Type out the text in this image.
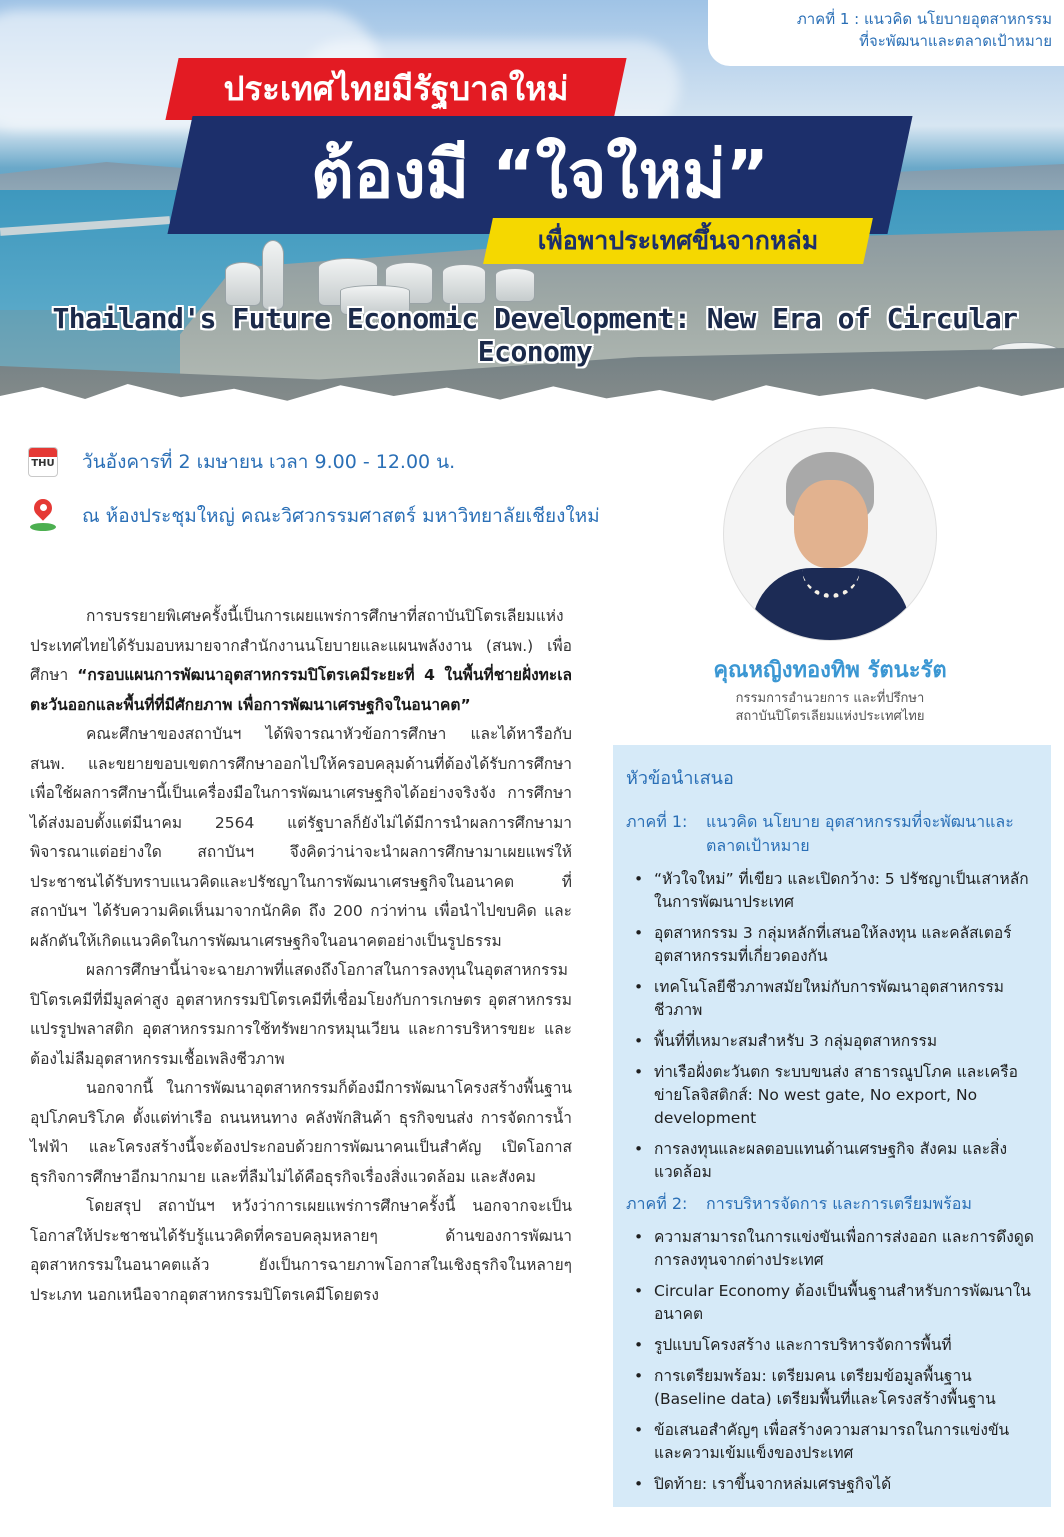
ประเทศไทยมีรัฐบาลใหม่
ต้องมี “ใจใหม่”
เพื่อพาประเทศขึ้นจากหล่ม
Thailand's Future Economic Development: New Era of Circular Economy
ภาคที่ 1 : แนวคิด นโยบายอุตสาหกรรม
ที่จะพัฒนาและตลาดเป้าหมาย
THU วันอังคารที่ 2 เมษายน เวลา 9.00 - 12.00 น.
ณ ห้องประชุมใหญ่ คณะวิศวกรรมศาสตร์ มหาวิทยาลัยเชียงใหม่
คุณหญิงทองทิพ รัตนะรัต
กรรมการอำนวยการ และที่ปรึกษา
สถาบันปิโตรเลียมแห่งประเทศไทย

การบรรยายพิเศษครั้งนี้เป็นการเผยแพร่การศึกษาที่สถาบันปิโตรเลียมแห่งประเทศไทยได้รับมอบหมายจากสำนักงานนโยบายและแผนพลังงาน (สนพ.) เพื่อศึกษา “กรอบแผนการพัฒนาอุตสาหกรรมปิโตรเคมีระยะที่ 4 ในพื้นที่ชายฝั่งทะเลตะวันออกและพื้นที่ที่มีศักยภาพ เพื่อการพัฒนาเศรษฐกิจในอนาคต”

คณะศึกษาของสถาบันฯ ได้พิจารณาหัวข้อการศึกษา และได้หารือกับ สนพ. และขยายขอบเขตการศึกษาออกไปให้ครอบคลุมด้านที่ต้องได้รับการศึกษาเพื่อใช้ผลการศึกษานี้เป็นเครื่องมือในการพัฒนาเศรษฐกิจได้อย่างจริงจัง การศึกษาได้ส่งมอบตั้งแต่มีนาคม 2564 แต่รัฐบาลก็ยังไม่ได้มีการนำผลการศึกษามาพิจารณาแต่อย่างใด สถาบันฯ จึงคิดว่าน่าจะนำผลการศึกษามาเผยแพร่ให้ประชาชนได้รับทราบแนวคิดและปรัชญาในการพัฒนาเศรษฐกิจในอนาคต ที่สถาบันฯ ได้รับความคิดเห็นมาจากนักคิด ถึง 200 กว่าท่าน เพื่อนำไปขบคิด และผลักดันให้เกิดแนวคิดในการพัฒนาเศรษฐกิจในอนาคตอย่างเป็นรูปธรรม

ผลการศึกษานี้น่าจะฉายภาพที่แสดงถึงโอกาสในการลงทุนในอุตสาหกรรมปิโตรเคมีที่มีมูลค่าสูง อุตสาหกรรมปิโตรเคมีที่เชื่อมโยงกับการเกษตร อุตสาหกรรมแปรรูปพลาสติก อุตสาหกรรมการใช้ทรัพยากรหมุนเวียน และการบริหารขยะ และต้องไม่ลืมอุตสาหกรรมเชื้อเพลิงชีวภาพ

นอกจากนี้ ในการพัฒนาอุตสาหกรรมก็ต้องมีการพัฒนาโครงสร้างพื้นฐานอุปโภคบริโภค ตั้งแต่ท่าเรือ ถนนหนทาง คลังพักสินค้า ธุรกิจขนส่ง การจัดการน้ำ ไฟฟ้า และโครงสร้างนี้จะต้องประกอบด้วยการพัฒนาคนเป็นสำคัญ เปิดโอกาสธุรกิจการศึกษาอีกมากมาย และที่ลืมไม่ได้คือธุรกิจเรื่องสิ่งแวดล้อม และสังคม

โดยสรุป สถาบันฯ หวังว่าการเผยแพร่การศึกษาครั้งนี้ นอกจากจะเป็นโอกาสให้ประชาชนได้รับรู้แนวคิดที่ครอบคลุมหลายๆ ด้านของการพัฒนาอุตสาหกรรมในอนาคตแล้ว ยังเป็นการฉายภาพโอกาสในเชิงธุรกิจในหลายๆ ประเภท นอกเหนือจากอุตสาหกรรมปิโตรเคมีโดยตรง

หัวข้อนำเสนอ
ภาคที่ 1:	แนวคิด นโยบาย อุตสาหกรรมที่จะพัฒนาและตลาดเป้าหมาย
• “หัวใจใหม่” ที่เขียว และเปิดกว้าง: 5 ปรัชญาเป็นเสาหลักในการพัฒนาประเทศ
• อุตสาหกรรม 3 กลุ่มหลักที่เสนอให้ลงทุน และคลัสเตอร์อุตสาหกรรมที่เกี่ยวดองกัน
• เทคโนโลยีชีวภาพสมัยใหม่กับการพัฒนาอุตสาหกรรมชีวภาพ
• พื้นที่ที่เหมาะสมสำหรับ 3 กลุ่มอุตสาหกรรม
• ท่าเรือฝั่งตะวันตก ระบบขนส่ง สาธารณูปโภค และเครือข่ายโลจิสติกส์: No west gate, No export, No development
• การลงทุนและผลตอบแทนด้านเศรษฐกิจ สังคม และสิ่งแวดล้อม
ภาคที่ 2:	การบริหารจัดการ และการเตรียมพร้อม
• ความสามารถในการแข่งขันเพื่อการส่งออก และการดึงดูดการลงทุนจากต่างประเทศ
• Circular Economy ต้องเป็นพื้นฐานสำหรับการพัฒนาในอนาคต
• รูปแบบโครงสร้าง และการบริหารจัดการพื้นที่
• การเตรียมพร้อม: เตรียมคน เตรียมข้อมูลพื้นฐาน (Baseline data) เตรียมพื้นที่และโครงสร้างพื้นฐาน
• ข้อเสนอสำคัญๆ เพื่อสร้างความสามารถในการแข่งขัน และความเข้มแข็งของประเทศ
• ปิดท้าย: เราขึ้นจากหล่มเศรษฐกิจได้
